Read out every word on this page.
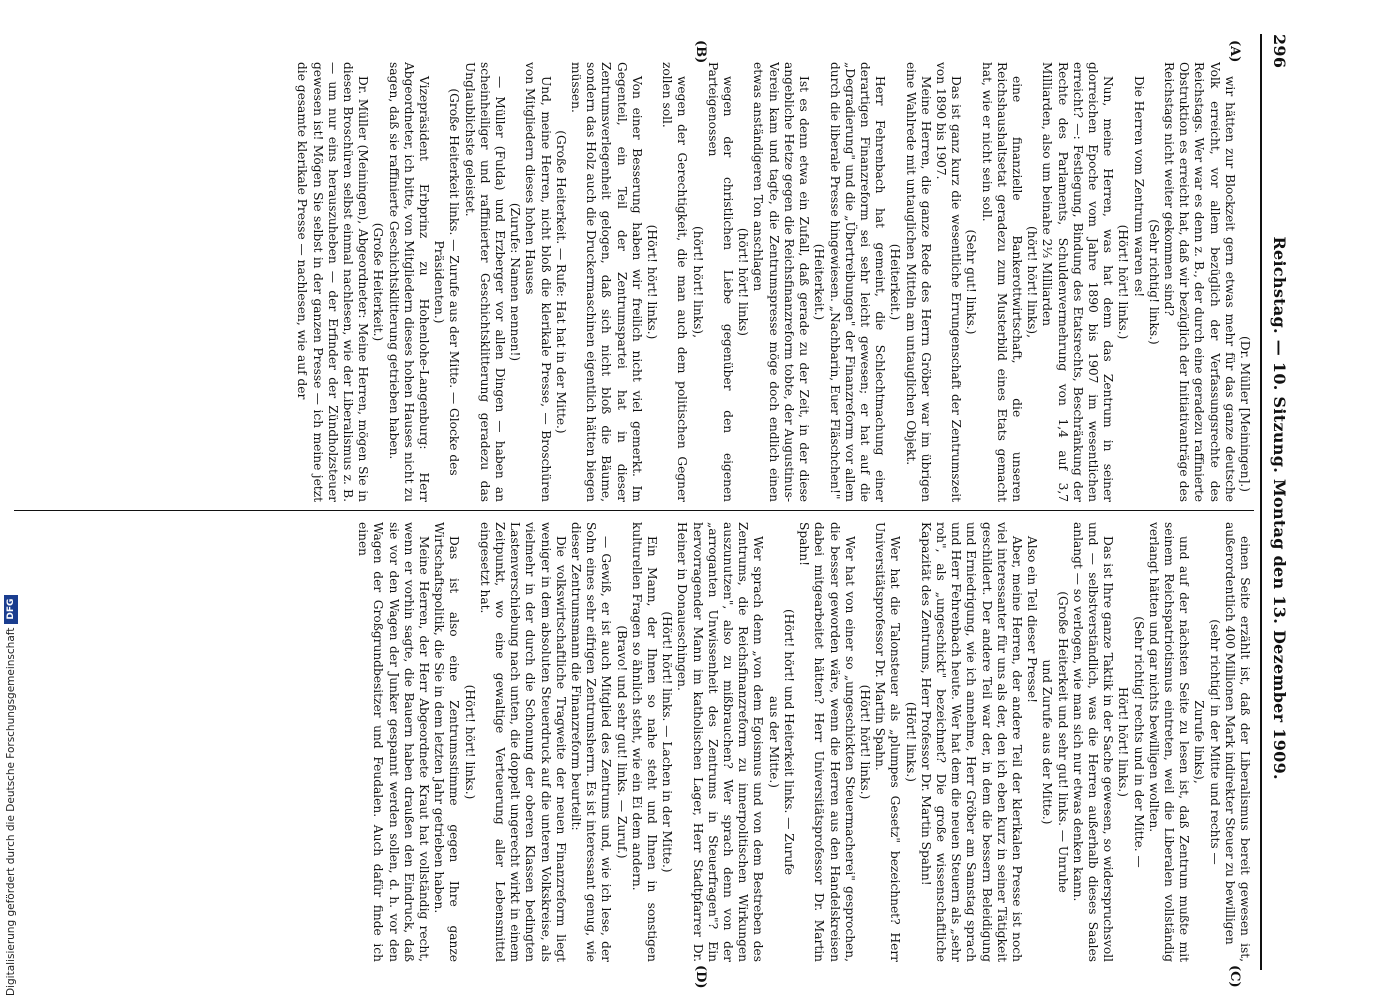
296
Reichstag. — 10. Sitzung. Montag den 13. Dezember 1909.
(A)
(B)
(C)
(D)

(Dr. Müller [Meiningen].)

wir hätten zur Blockzeit gern etwas mehr für das ganze deutsche Volk erreicht, vor allem bezüglich der Verfassungsrechte des Reichstags. Wer war es denn z. B., der durch eine geradezu raffinierte Obstruktion es erreicht hat, daß wir bezüglich der Initiativanträge des Reichstags nicht weiter gekommen sind?

(Sehr richtig! links.)

Die Herren vom Zentrum waren es!

(Hört! hört! links.)

Nun, meine Herren, was hat denn das Zentrum in seiner glorreichen Epoche vom Jahre 1890 bis 1907 im wesentlichen erreicht? —: Festlegung, Bindung des Etatsrechts, Beschränkung der Rechte des Parlaments, Schuldenvermehrung von 1,4 auf 3,7 Milliarden, also um beinahe 2⅓ Milliarden

(hört! hört! links),

eine finanzielle Bankerottwirtschaft, die unseren Reichshaushaltsetat geradezu zum Musterbild eines Etats gemacht hat, wie er nicht sein soll.

(Sehr gut! links.)

Das ist ganz kurz die wesentliche Errungenschaft der Zentrumszeit von 1890 bis 1907.

Meine Herren, die ganze Rede des Herrn Gröber war im übrigen eine Wahlrede mit untauglichen Mitteln am untauglichen Objekt.

(Heiterkeit.)

Herr Fehrenbach hat gemeint, die Schlechtmachung einer derartigen Finanzreform sei sehr leicht gewesen; er hat auf die „Degradierung" und die „Übertreibungen" der Finanzreform vor allem durch die liberale Presse hingewiesen. „Nachbarin, Euer Fläschchen!"

(Heiterkeit.)

Ist es denn etwa ein Zufall, daß gerade zu der Zeit, in der diese angebliche Hetze gegen die Reichsfinanzreform tobte, der Augustinus-Verein kam und tagte, die Zentrumspresse möge doch endlich einen etwas anständigeren Ton anschlagen

(hört! hört! links)

wegen der christlichen Liebe gegenüber den eigenen Parteigenossen

(hört! hört! links),

wegen der Gerechtigkeit, die man auch dem politischen Gegner zollen soll.

(Hört! hört! links.)

Von einer Besserung haben wir freilich nicht viel gemerkt. Im Gegenteil, ein Teil der Zentrumspartei hat in dieser Zentrumsverlegenheit gelogen, daß sich nicht bloß die Bäume, sondern das Holz auch die Druckermaschinen eigentlich hätten biegen müssen.

(Große Heiterkeit. — Rufe: Hat hat in der Mitte.)

Und, meine Herren, nicht bloß die klerikale Presse, — Broschüren von Mitgliedern dieses hohen Hauses

(Zurufe: Namen nennen!)

— Müller (Fulda) und Erzberger vor allen Dingen — haben an scheinheiliger und raffinierter Geschichtsklitterung geradezu das Unglaublichste geleistet.

(Große Heiterkeit links. — Zurufe aus der Mitte. — Glocke des Präsidenten.)

Vizepräsident Erbprinz zu Hohenlohe-Langenburg: Herr Abgeordneter, ich bitte, von Mitgliedern dieses hohen Hauses nicht zu sagen, daß sie raffinierte Geschichtsklitterung getrieben haben.

(Große Heiterkeit.)

Dr. Müller (Meiningen), Abgeordneter: Meine Herren, mögen Sie in diesen Broschüren selbst einmal nachlesen, wie der Liberalismus z. B. — um nur eins herauszuheben — der Erfinder der Zündholzsteuer gewesen ist! Mögen Sie selbst in der ganzen Presse — ich meine jetzt die gesamte klerikale Presse — nachlesen, wie auf der

einen Seite erzählt ist, daß der Liberalismus bereit gewesen ist, außerordentlich 400 Millionen Mark indirekter Steuer zu bewilligen

(sehr richtig! in der Mitte und rechts —

Zurufe links),

und auf der nächsten Seite zu lesen ist, daß Zentrum mußte mit seinem Reichspatriotismus eintreten, weil die Liberalen vollständig verlangt hätten und gar nichts bewilligen wollten.

(Sehr richtig! rechts und in der Mitte. —

Hört! hört! links.)

Das ist Ihre ganze Taktik in der Sache gewesen, so widerspruchsvoll und — selbstverständlich, was die Herren außerhalb dieses Saales anlangt — so verlogen, wie man sich nur etwas denken kann.

(Große Heiterkeit und sehr gut! links. — Unruhe

und Zurufe aus der Mitte.)

Also ein Teil dieser Presse!

Aber, meine Herren, der andere Teil der klerikalen Presse ist noch viel interessanter für uns als der, den ich eben kurz in seiner Tätigkeit geschildert. Der andere Teil war der, in dem die bessern Beleidigung und Erniedrigung, wie ich annehme, Herr Gröber am Samstag sprach und Herr Fehrenbach heute. Wer hat dem die neuen Steuern als „sehr roh", als „ungeschickt" bezeichnet? Die große wissenschaftliche Kapazität des Zentrums, Herr Professor Dr. Martin Spahn!

(Hört! links.)

Wer hat die Talonsteuer als „plumpes Gesetz" bezeichnet? Herr Universitätsprofessor Dr. Martin Spahn.

(Hört! hört! links.)

Wer hat von einer so „ungeschickten Steuermacherei" gesprochen, die besser geworden wäre, wenn die Herren aus den Handelskreisen dabei mitgearbeitet hätten? Herr Universitätsprofessor Dr. Martin Spahn!

(Hört! hört! und Heiterkeit links. — Zurufe

aus der Mitte.)

Wer sprach denn „von dem Egoismus und von dem Bestreben des Zentrums, die Reichsfinanzreform zu innerpolitischen Wirkungen auszunutzen", also zu mißbrauchen? Wer sprach denn von der „arroganten Unwissenheit des Zentrums in Steuerfragen"? Ein hervorragender Mann im katholischen Lager, Herr Stadtpfarrer Dr. Heiner in Donaueschingen.

(Hört! hört! links. — Lachen in der Mitte.)

Ein Mann, der Ihnen so nahe steht und Ihnen in sonstigen kulturellen Fragen so ähnlich steht, wie ein Ei dem andern.

(Bravo! und sehr gut! links. — Zuruf.)

— Gewiß, er ist auch Mitglied des Zentrums und, wie ich lese, der Sohn eines sehr eifrigen Zentrumsherrn. Es ist interessant genug, wie dieser Zentrumsmann die Finanzreform beurteilt:

Die volkswirtschaftliche Tragweite der neuen Finanzreform liegt weniger in dem absoluten Steuerdruck auf die unteren Volkskreise, als vielmehr in der durch die Schonung der oberen Klassen bedingten Lastenverschiebung nach unten, die doppelt ungerecht wirkt in einem Zeitpunkt, wo eine gewaltige Verteuerung aller Lebensmittel eingesetzt hat.

(Hört! hört! links.)

Das ist also eine Zentrumsstimme gegen Ihre ganze Wirtschaftspolitik, die Sie in dem letzten Jahr getrieben haben.

Meine Herren, der Herr Abgeordnete Kraut hat vollständig recht, wenn er vorhin sagte, die Bauern haben draußen den Eindruck, daß sie vor den Wagen der Junker gespannt werden sollen, d. h. vor den Wagen der Großgrundbesitzer und Feudalen. Auch dafür finde ich einen

Digitalisierung gefördert durch die Deutsche Forschungsgemeinschaft
DFG
